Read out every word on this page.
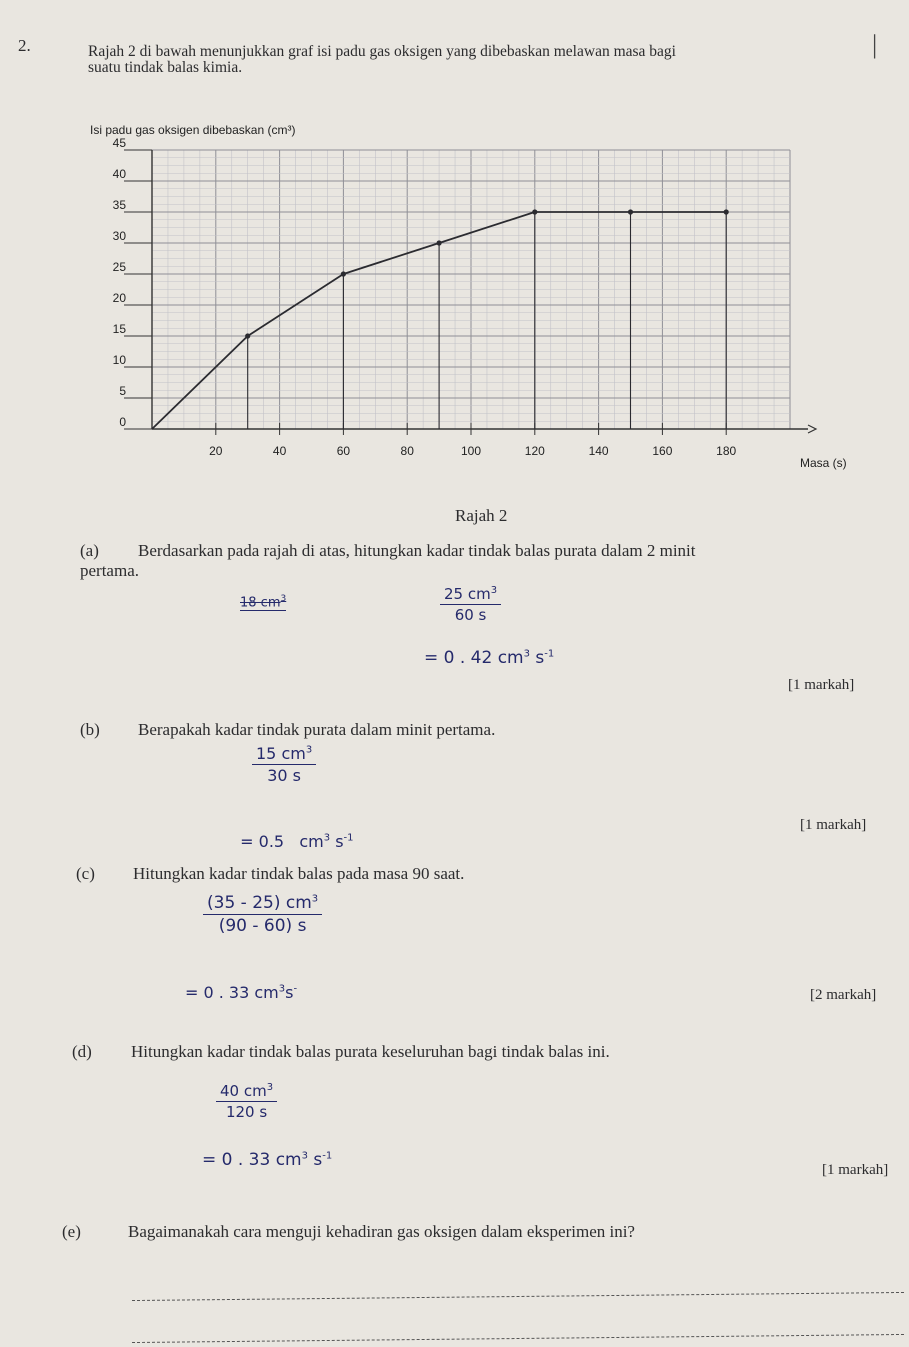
2.	|
Rajah 2 di bawah menunjukkan graf isi padu gas oksigen yang dibebaskan melawan masa bagi
suatu tindak balas kimia.
Isi padu gas oksigen dibebaskan (cm³)
0
5
10
15
20
25
30
35
40
45
20	40	60	80	100	120	140	160	180
Masa (s)
Rajah 2
(a) Berdasarkan pada rajah di atas, hitungkan kadar tindak balas purata dalam 2 minit
pertama.
18 $cm^3$	$\frac{25 cm^3}{60 s}$
= 0 . 42 $cm^3$ $s^{-1}$
[1 markah]
(b) Berapakah kadar tindak purata dalam minit pertama.
$\frac{15 cm^3}{30 s}$

= 0.5   $cm^3$ $s^{-1}$

[1 markah]
(c) Hitungkan kadar tindak balas pada masa 90 saat.
$\frac{(35 - 25) cm^3}{(90 - 60) s}$
= 0 . 33 $cm^3s^-$	[2 markah]
(d) Hitungkan kadar tindak balas purata keseluruhan bagi tindak balas ini.
$\frac{40 cm^3}{120 s}$
= 0 . 33 $cm^3$ $s^{-1}$
[1 markah]
(e)	Bagaimanakah cara menguji kehadiran gas oksigen dalam eksperimen ini?
